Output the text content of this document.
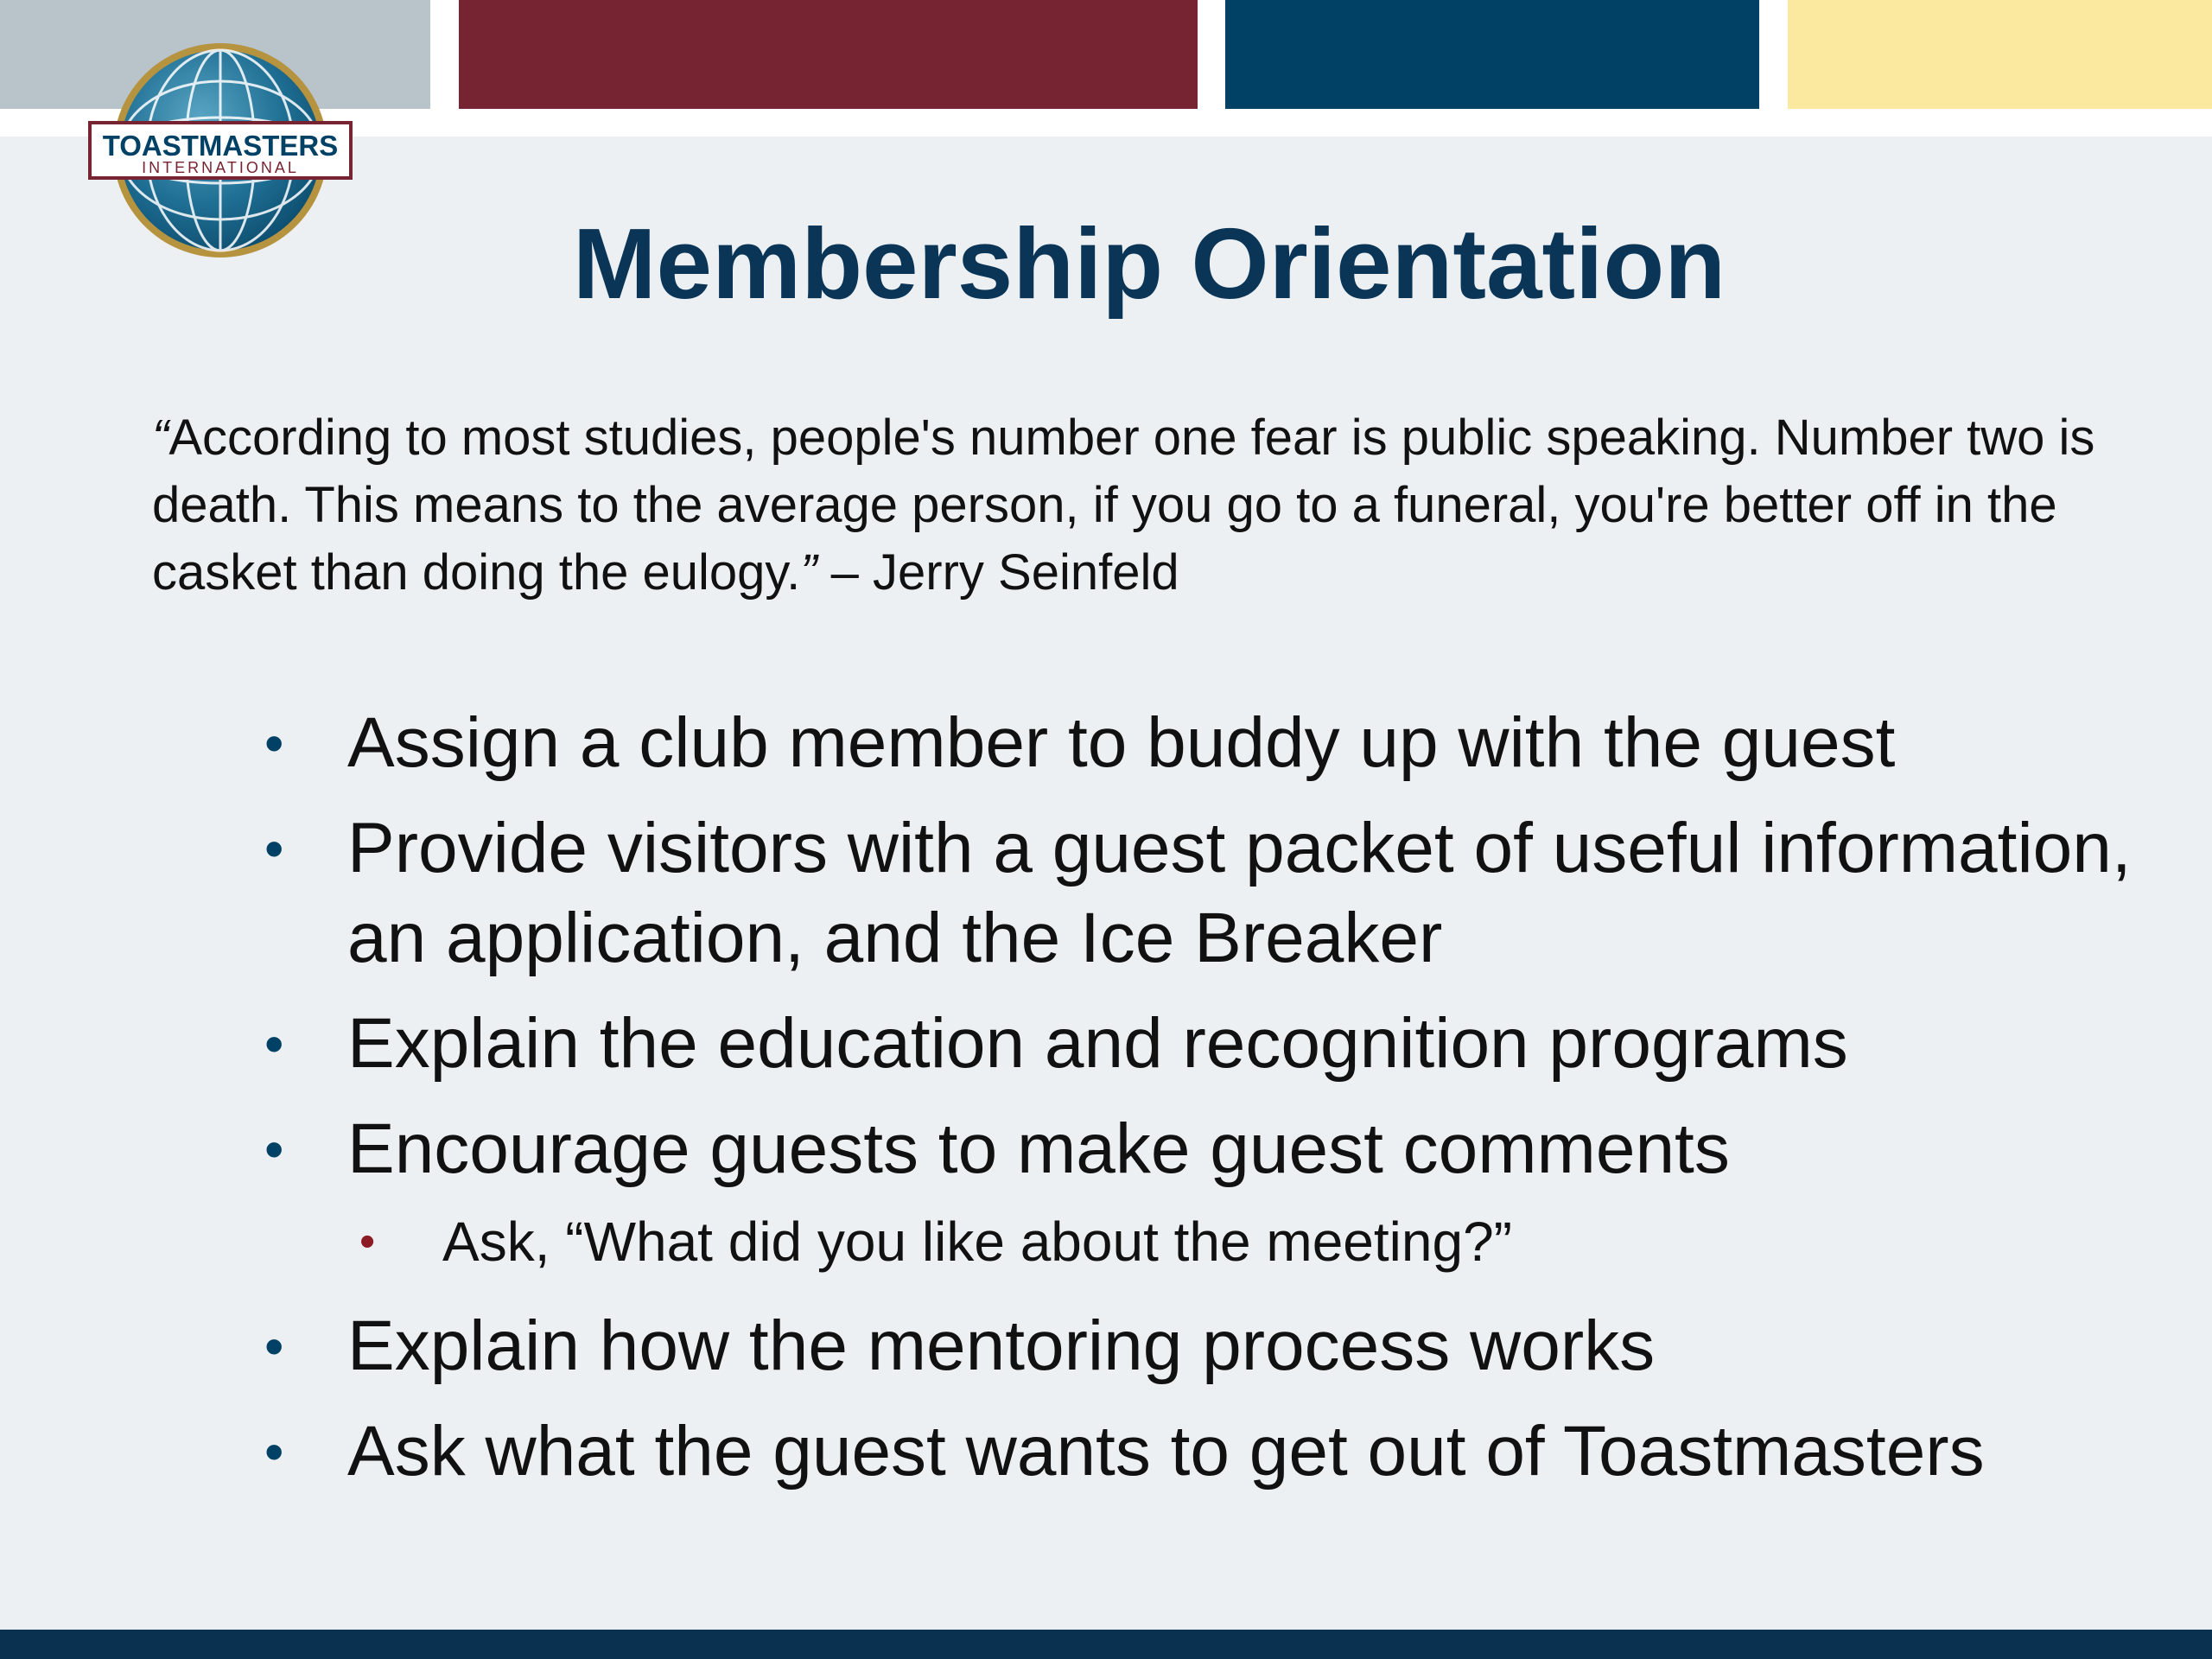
TOASTMASTERS
INTERNATIONAL
Membership Orientation

“According to most studies, people's number one fear is public speaking. Number two is death. This means to the average person, if you go to a funeral, you're better off in the casket than doing the eulogy.” – Jerry Seinfeld

• Assign a club member to buddy up with the guest
• Provide visitors with a guest packet of useful information, an application, and the Ice Breaker
• Explain the education and recognition programs
• Encourage guests to make guest comments
• Ask, “What did you like about the meeting?”
• Explain how the mentoring process works
• Ask what the guest wants to get out of Toastmasters
